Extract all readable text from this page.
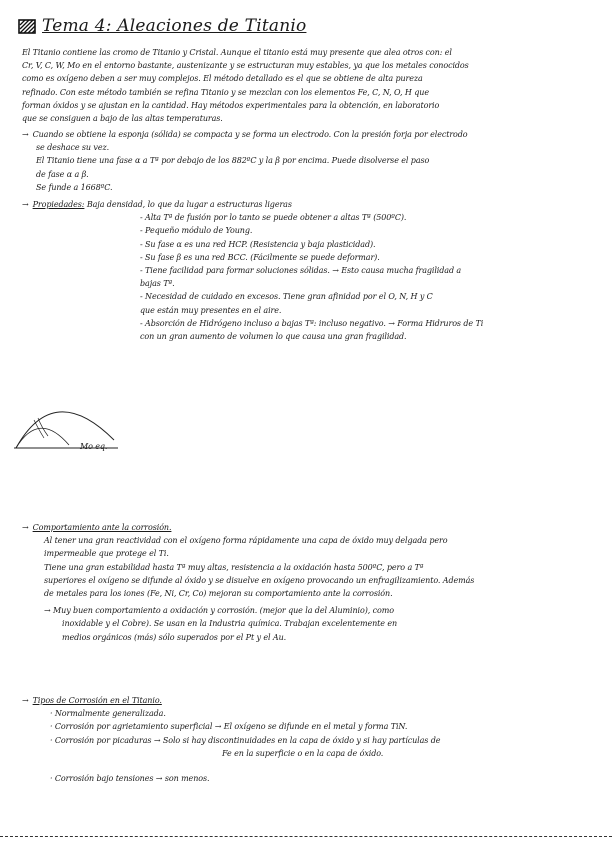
Tema 4: Aleaciones de Titanio
El Titanio contiene las cromo de Titanio y Cristal. Aunque el titanio está muy presente que alea otros con: el
Cr, V, C, W, Mo en el entorno bastante, austenizante y se estructuran muy estables, ya que los metales conocidos
como es oxígeno deben a ser muy complejos. El método detallado es el que se obtiene de alta pureza
refinado. Con este método también se refina Titanio y se mezclan con los elementos Fe, C, N, O, H que
forman óxidos y se ajustan en la cantidad. Hay métodos experimentales para la obtención, en laboratorio
que se consiguen a bajo de las altas temperaturas.
→ Cuando se obtiene la esponja (sólida) se compacta y se forma un electrodo. Con la presión forja por electrodo
se deshace su vez.
El Titanio tiene una fase α a Tª por debajo de los 882ºC y la β por encima. Puede disolverse el paso
de fase α a β.
Se funde a 1668ºC.
→ Propiedades: Baja densidad, lo que da lugar a estructuras ligeras
- Alta Tª de fusión por lo tanto se puede obtener a altas Tª (500ºC).
- Pequeño módulo de Young.
- Su fase α es una red HCP. (Resistencia y baja plasticidad).
- Su fase β es una red BCC. (Fácilmente se puede deformar).
- Tiene facilidad para formar soluciones sólidas. → Esto causa mucha fragilidad a
bajas Tª.
- Necesidad de cuidado en excesos. Tiene gran afinidad por el O, N, H y C
que están muy presentes en el aire.
- Absorción de Hidrógeno incluso a bajas Tª: incluso negativo. → Forma Hidruros de Ti
con un gran aumento de volumen lo que causa una gran fragilidad.
Mo eq.
→ Comportamiento ante la corrosión.
Al tener una gran reactividad con el oxígeno forma rápidamente una capa de óxido muy delgada pero
impermeable que protege el Ti.
Tiene una gran estabilidad hasta Tª muy altas, resistencia a la oxidación hasta 500ºC, pero a Tª
superiores el oxígeno se difunde al óxido y se disuelve en oxígeno provocando un enfragilizamiento. Además
de metales para los iones (Fe, Ni, Cr, Co) mejoran su comportamiento ante la corrosión.
→ Muy buen comportamiento a oxidación y corrosión. (mejor que la del Aluminio), como
inoxidable y el Cobre). Se usan en la Industria química. Trabajan excelentemente en
medios orgánicos (más) sólo superados por el Pt y el Au.
→ Tipos de Corrosión en el Titanio.
· Normalmente generalizada.
· Corrosión por agrietamiento superficial → El oxígeno se difunde en el metal y forma TiN.
· Corrosión por picaduras → Solo si hay discontinuidades en la capa de óxido y si hay partículas de
Fe en la superficie o en la capa de óxido.
· Corrosión bajo tensiones → son menos.
